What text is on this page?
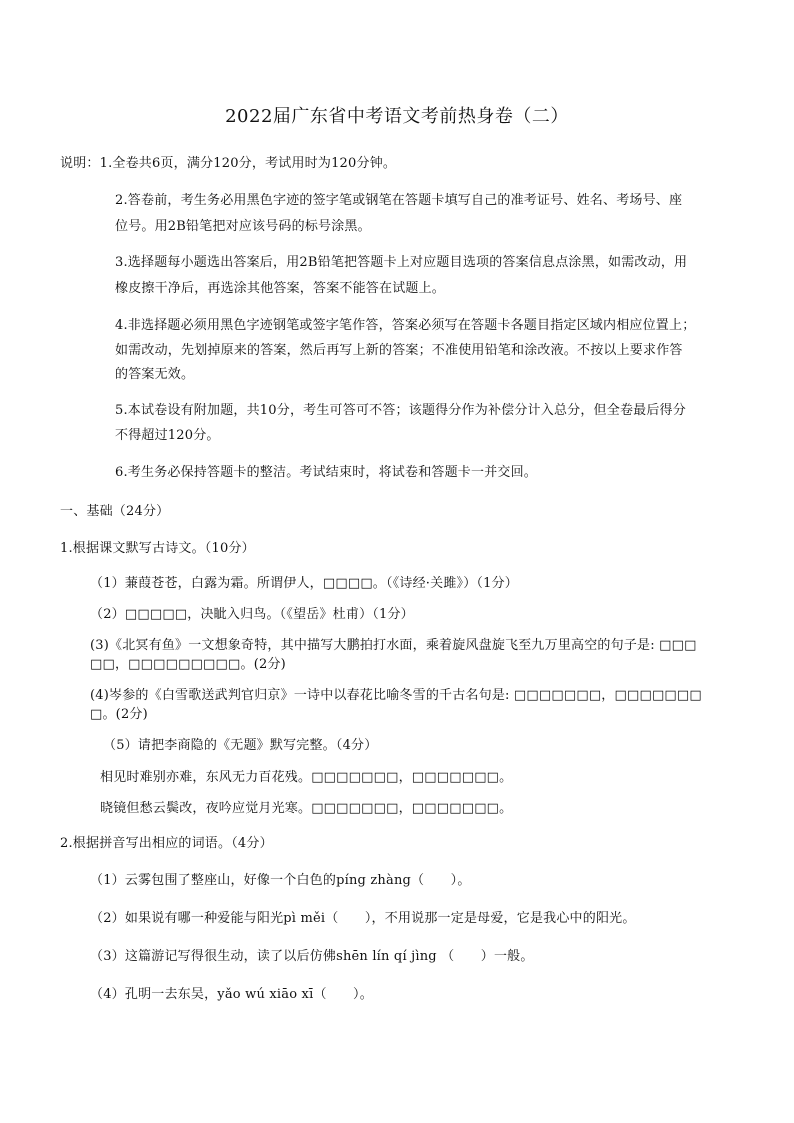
2022届广东省中考语文考前热身卷（二）
说明：1.全卷共6页，满分120分，考试用时为120分钟。
2.答卷前，考生务必用黑色字迹的签字笔或钢笔在答题卡填写自己的准考证号、姓名、考场号、座
位号。用2B铅笔把对应该号码的标号涂黑。
3.选择题每小题选出答案后，用2B铅笔把答题卡上对应题目选项的答案信息点涂黑，如需改动，用
橡皮擦干净后，再选涂其他答案，答案不能答在试题上。
4.非选择题必须用黑色字迹钢笔或签字笔作答，答案必须写在答题卡各题目指定区域内相应位置上；
如需改动，先划掉原来的答案，然后再写上新的答案；不准使用铅笔和涂改液。不按以上要求作答
的答案无效。
5.本试卷设有附加题，共10分，考生可答可不答；该题得分作为补偿分计入总分，但全卷最后得分
不得超过120分。
6.考生务必保持答题卡的整洁。考试结束时，将试卷和答题卡一并交回。
一、基础（24分）
1.根据课文默写古诗文。（10分）
（1）蒹葭苍苍，白露为霜。所谓伊人，□□□□。（《诗经·关雎》）（1分）
（2）□□□□□，决眦入归鸟。（《望岳》杜甫）（1分）
(3)《北冥有鱼》一文想象奇特，其中描写大鹏拍打水面，乘着旋风盘旋飞至九万里高空的句子是: □□□
□□，□□□□□□□□□。(2分)
(4)岑参的《白雪歌送武判官归京》一诗中以春花比喻冬雪的千古名句是: □□□□□□□，□□□□□□□
□。(2分)
（5）请把李商隐的《无题》默写完整。（4分）
相见时难别亦难，东风无力百花残。□□□□□□□，□□□□□□□。
晓镜但愁云鬓改，夜吟应觉月光寒。□□□□□□□，□□□□□□□。
2.根据拼音写出相应的词语。（4分）
（1）云雾包围了整座山，好像一个白色的píng zhàng（　　）。
（2）如果说有哪一种爱能与阳光pì měi（　　），不用说那一定是母爱，它是我心中的阳光。
（3）这篇游记写得很生动，读了以后仿佛shēn lín qí jìng （　　）一般。
（4）孔明一去东吴，yǎo wú xiāo xī（　　）。
